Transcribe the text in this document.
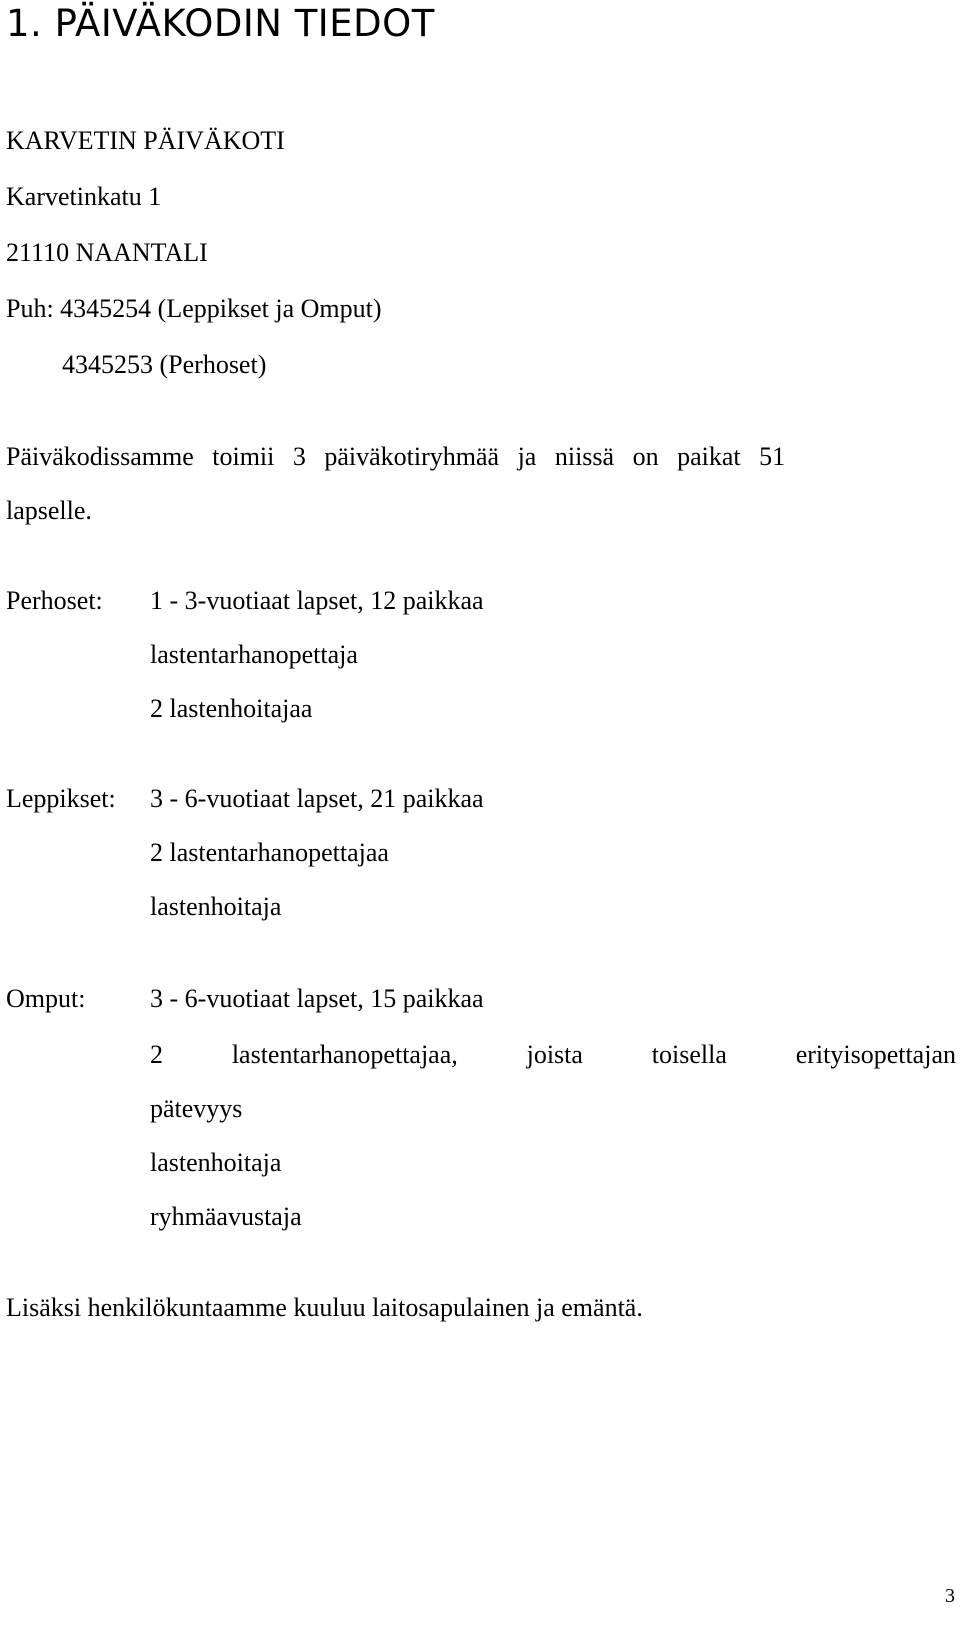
1. PÄIVÄKODIN TIEDOT

KARVETIN PÄIVÄKOTI

Karvetinkatu 1

21110 NAANTALI

Puh: 4345254 (Leppikset ja Omput)

4345253 (Perhoset)

Päiväkodissamme toimii 3 päiväkotiryhmää ja niissä on paikat 51

lapselle.

Perhoset: 1 - 3-vuotiaat lapset, 12 paikkaa

lastentarhanopettaja

2 lastenhoitajaa

Leppikset: 3 - 6-vuotiaat lapset, 21 paikkaa

2 lastentarhanopettajaa

lastenhoitaja

Omput: 3 - 6-vuotiaat lapset, 15 paikkaa

2	lastentarhanopettajaa,	joista	toisella	erityisopettajan

pätevyys

lastenhoitaja

ryhmäavustaja

Lisäksi henkilökuntaamme kuuluu laitosapulainen ja emäntä.

3
